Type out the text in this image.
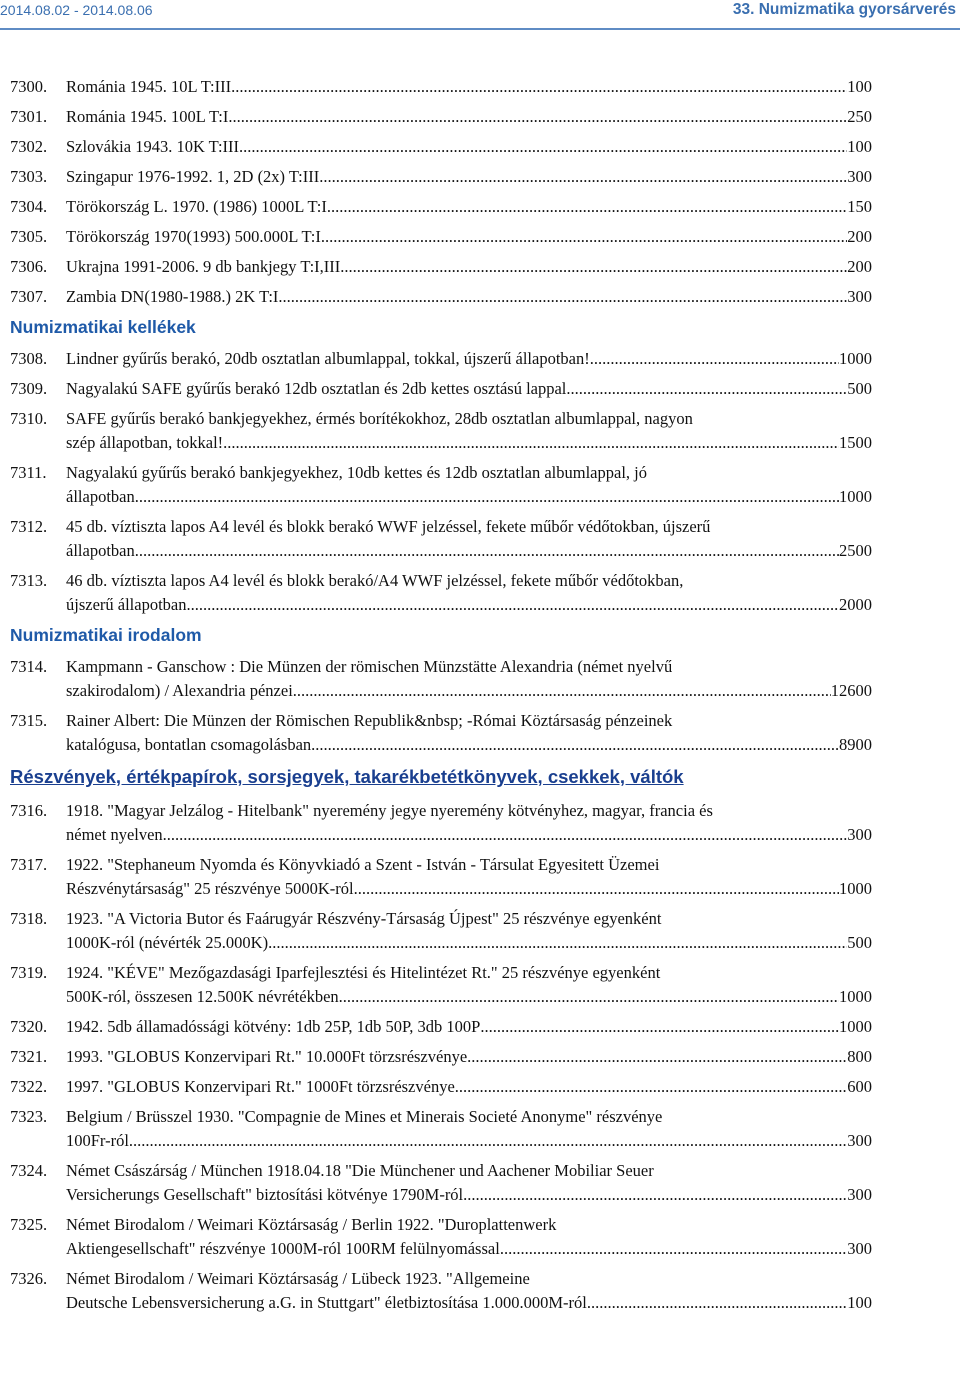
2014.08.02 - 2014.08.06	33. Numizmatika gyorsárverés
7300.	Románia 1945. 10L T:III .....	100
7301.	Románia 1945. 100L T:I .....	250
7302.	Szlovákia 1943. 10K T:III .....	100
7303.	Szingapur 1976-1992. 1, 2D (2x) T:III .....	300
7304.	Törökország L. 1970. (1986) 1000L T:I .....	150
7305.	Törökország 1970(1993) 500.000L T:I .....	200
7306.	Ukrajna 1991-2006. 9 db bankjegy T:I,III .....	200
7307.	Zambia DN(1980-1988.) 2K T:I .....	300
Numizmatikai kellékek
7308.	Lindner gyűrűs berakó, 20db osztatlan albumlappal, tokkal, újszerű állapotban! .....	1000
7309.	Nagyalakú SAFE gyűrűs berakó 12db osztatlan és 2db kettes osztású lappal .....	500
7310.	SAFE gyűrűs berakó bankjegyekhez, érmés borítékokhoz, 28db osztatlan albumlappal, nagyon
szép állapotban, tokkal! .....	1500
7311.	Nagyalakú gyűrűs berakó bankjegyekhez, 10db kettes és 12db osztatlan albumlappal, jó
állapotban .....	1000
7312.	45 db. víztiszta lapos A4 levél és blokk berakó WWF jelzéssel, fekete műbőr védőtokban, újszerű
állapotban .....	2500
7313.	46 db. víztiszta lapos A4 levél és blokk berakó/A4 WWF jelzéssel, fekete műbőr védőtokban,
újszerű állapotban .....	2000
Numizmatikai irodalom
7314.	Kampmann - Ganschow : Die Münzen der römischen Münzstätte Alexandria (német nyelvű
szakirodalom) / Alexandria pénzei .....	12600
7315.	Rainer Albert: Die Münzen der Römischen Republik&nbsp; -Római Köztársaság pénzeinek
katalógusa, bontatlan csomagolásban .....	8900
Részvények, értékpapírok, sorsjegyek, takarékbetétkönyvek, csekkek, váltók
7316.	1918. "Magyar Jelzálog - Hitelbank" nyeremény jegye nyeremény kötvényhez, magyar, francia és
német nyelven .....	300
7317.	1922. "Stephaneum Nyomda és Könyvkiadó a Szent - István - Társulat Egyesitett Üzemei
Részvénytársaság" 25 részvénye 5000K-ról .....	1000
7318.	1923. "A Victoria Butor és Faárugyár Részvény-Társaság Újpest" 25 részvénye egyenként
1000K-ról (névérték 25.000K) .....	500
7319.	1924. "KÉVE" Mezőgazdasági Iparfejlesztési és Hitelintézet Rt." 25 részvénye egyenként
500K-ról, összesen 12.500K névrétékben .....	1000
7320.	1942. 5db államadóssági kötvény: 1db 25P, 1db 50P, 3db 100P .....	1000
7321.	1993. "GLOBUS Konzervipari Rt." 10.000Ft törzsrészvénye .....	800
7322.	1997. "GLOBUS Konzervipari Rt." 1000Ft törzsrészvénye .....	600
7323.	Belgium / Brüsszel 1930. "Compagnie de Mines et Minerais Societé Anonyme" részvénye
100Fr-ról .....	300
7324.	Német Császárság / München 1918.04.18 "Die Münchener und Aachener Mobiliar Seuer
Versicherungs Gesellschaft" biztosítási kötvénye 1790M-ról .....	300
7325.	Német Birodalom / Weimari Köztársaság / Berlin 1922. "Duroplattenwerk
Aktiengesellschaft" részvénye 1000M-ról 100RM felülnyomással .....	300
7326.	Német Birodalom / Weimari Köztársaság / Lübeck 1923. "Allgemeine
Deutsche Lebensversicherung a.G. in Stuttgart" életbiztosítása 1.000.000M-ról .....	100
